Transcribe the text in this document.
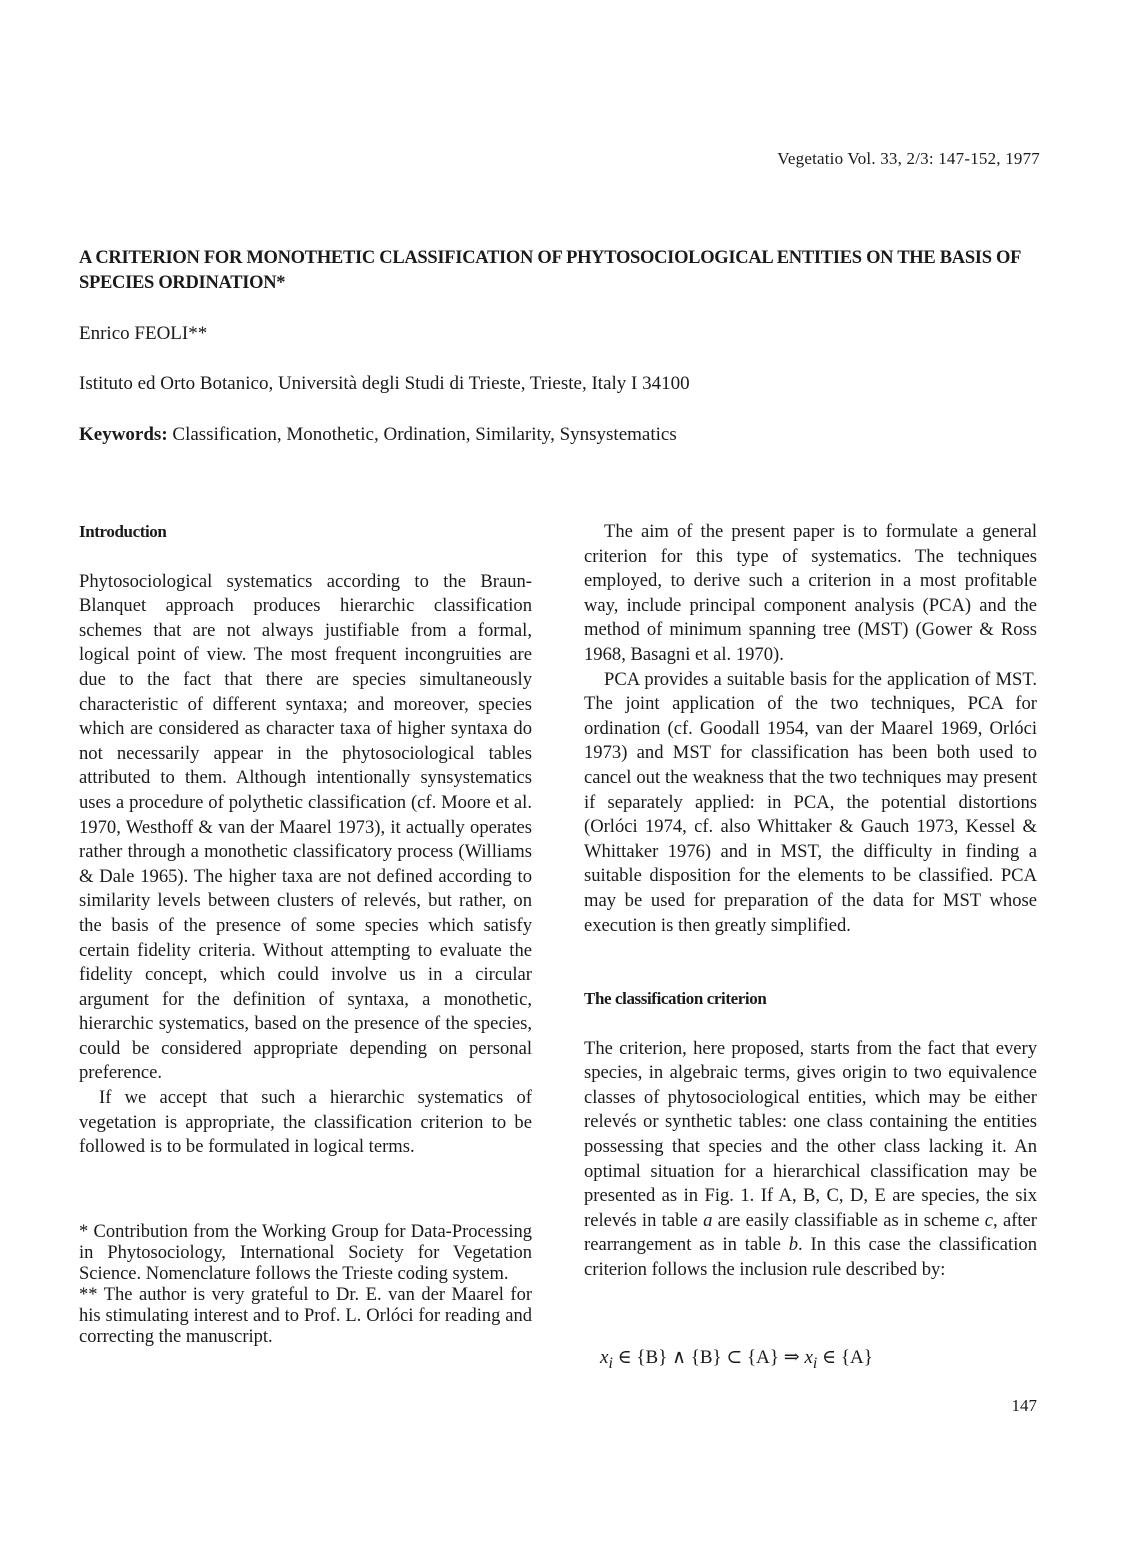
Vegetatio Vol. 33, 2/3: 147-152, 1977
A CRITERION FOR MONOTHETIC CLASSIFICATION OF PHYTOSOCIOLOGICAL ENTITIES ON THE BASIS OF SPECIES ORDINATION*
Enrico FEOLI**
Istituto ed Orto Botanico, Università degli Studi di Trieste, Trieste, Italy I 34100
Keywords: Classification, Monothetic, Ordination, Similarity, Synsystematics
Introduction

Phytosociological systematics according to the Braun-Blanquet approach produces hierarchic classification schemes that are not always justifiable from a formal, logical point of view. The most frequent incongruities are due to the fact that there are species simultaneously characteristic of different syntaxa; and moreover, species which are considered as character taxa of higher syntaxa do not necessarily appear in the phytosociological tables attributed to them. Although intentionally synsystematics uses a procedure of polythetic classification (cf. Moore et al. 1970, Westhoff & van der Maarel 1973), it actually operates rather through a monothetic classificatory process (Williams & Dale 1965). The higher taxa are not defined according to similarity levels between clusters of relevés, but rather, on the basis of the presence of some species which satisfy certain fidelity criteria. Without attempting to evaluate the fidelity concept, which could involve us in a circular argument for the definition of syntaxa, a monothetic, hierarchic systematics, based on the presence of the species, could be considered appropriate depending on personal preference.

If we accept that such a hierarchic systematics of vegetation is appropriate, the classification criterion to be followed is to be formulated in logical terms.

* Contribution from the Working Group for Data-Processing in Phytosociology, International Society for Vegetation Science. Nomenclature follows the Trieste coding system.

** The author is very grateful to Dr. E. van der Maarel for his stimulating interest and to Prof. L. Orlóci for reading and correcting the manuscript.

The aim of the present paper is to formulate a general criterion for this type of systematics. The techniques employed, to derive such a criterion in a most profitable way, include principal component analysis (PCA) and the method of minimum spanning tree (MST) (Gower & Ross 1968, Basagni et al. 1970).

PCA provides a suitable basis for the application of MST. The joint application of the two techniques, PCA for ordination (cf. Goodall 1954, van der Maarel 1969, Orlóci 1973) and MST for classification has been both used to cancel out the weakness that the two techniques may present if separately applied: in PCA, the potential distortions (Orlóci 1974, cf. also Whittaker & Gauch 1973, Kessel & Whittaker 1976) and in MST, the difficulty in finding a suitable disposition for the elements to be classified. PCA may be used for preparation of the data for MST whose execution is then greatly simplified.

The classification criterion

The criterion, here proposed, starts from the fact that every species, in algebraic terms, gives origin to two equivalence classes of phytosociological entities, which may be either relevés or synthetic tables: one class containing the entities possessing that species and the other class lacking it. An optimal situation for a hierarchical classification may be presented as in Fig. 1. If A, B, C, D, E are species, the six relevés in table a are easily classifiable as in scheme c, after rearrangement as in table b. In this case the classification criterion follows the inclusion rule described by:

$x_i$ ∈ {B} ∧ {B} ⊂ {A} ⇒ $x_i$ ∈ {A}
147
